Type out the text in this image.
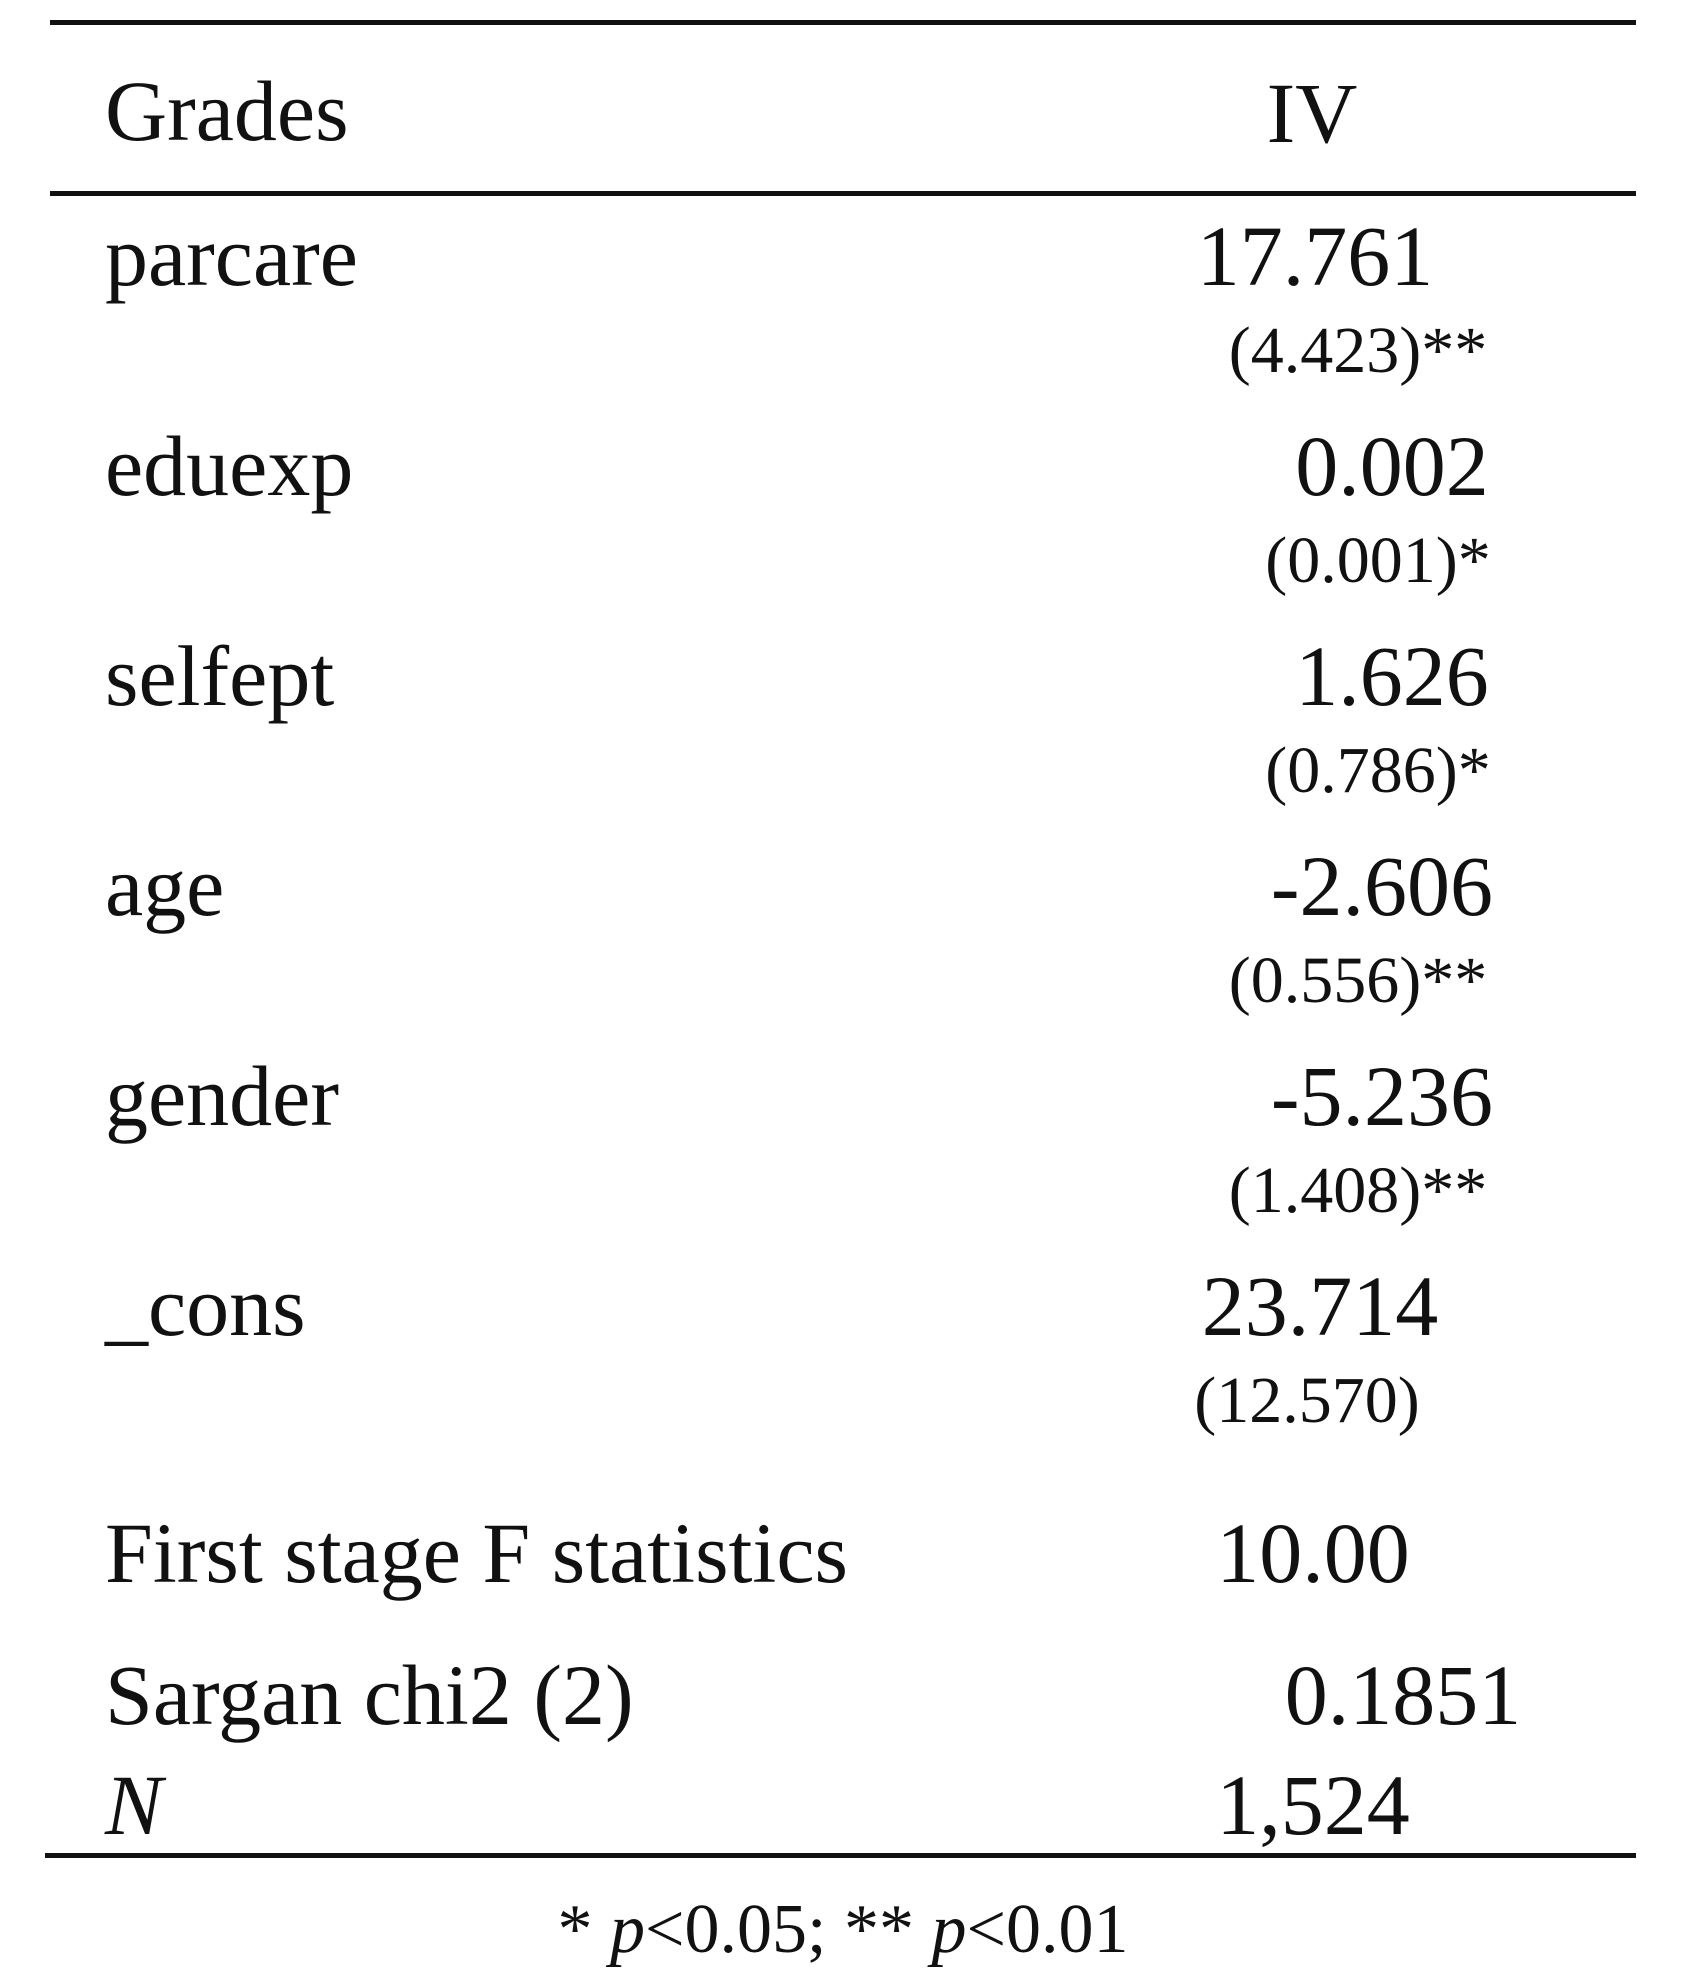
Grades	IV
parcare	17.761
(4.423)**
eduexp	0.002
(0.001)*
selfept	1.626
(0.786)*
age	-2.606
(0.556)**
gender	-5.236
(1.408)**
_cons	23.714
(12.570)
First stage F statistics	10.00
Sargan chi2 (2)	0.1851
N	1,524
* p<0.05; ** p<0.01
